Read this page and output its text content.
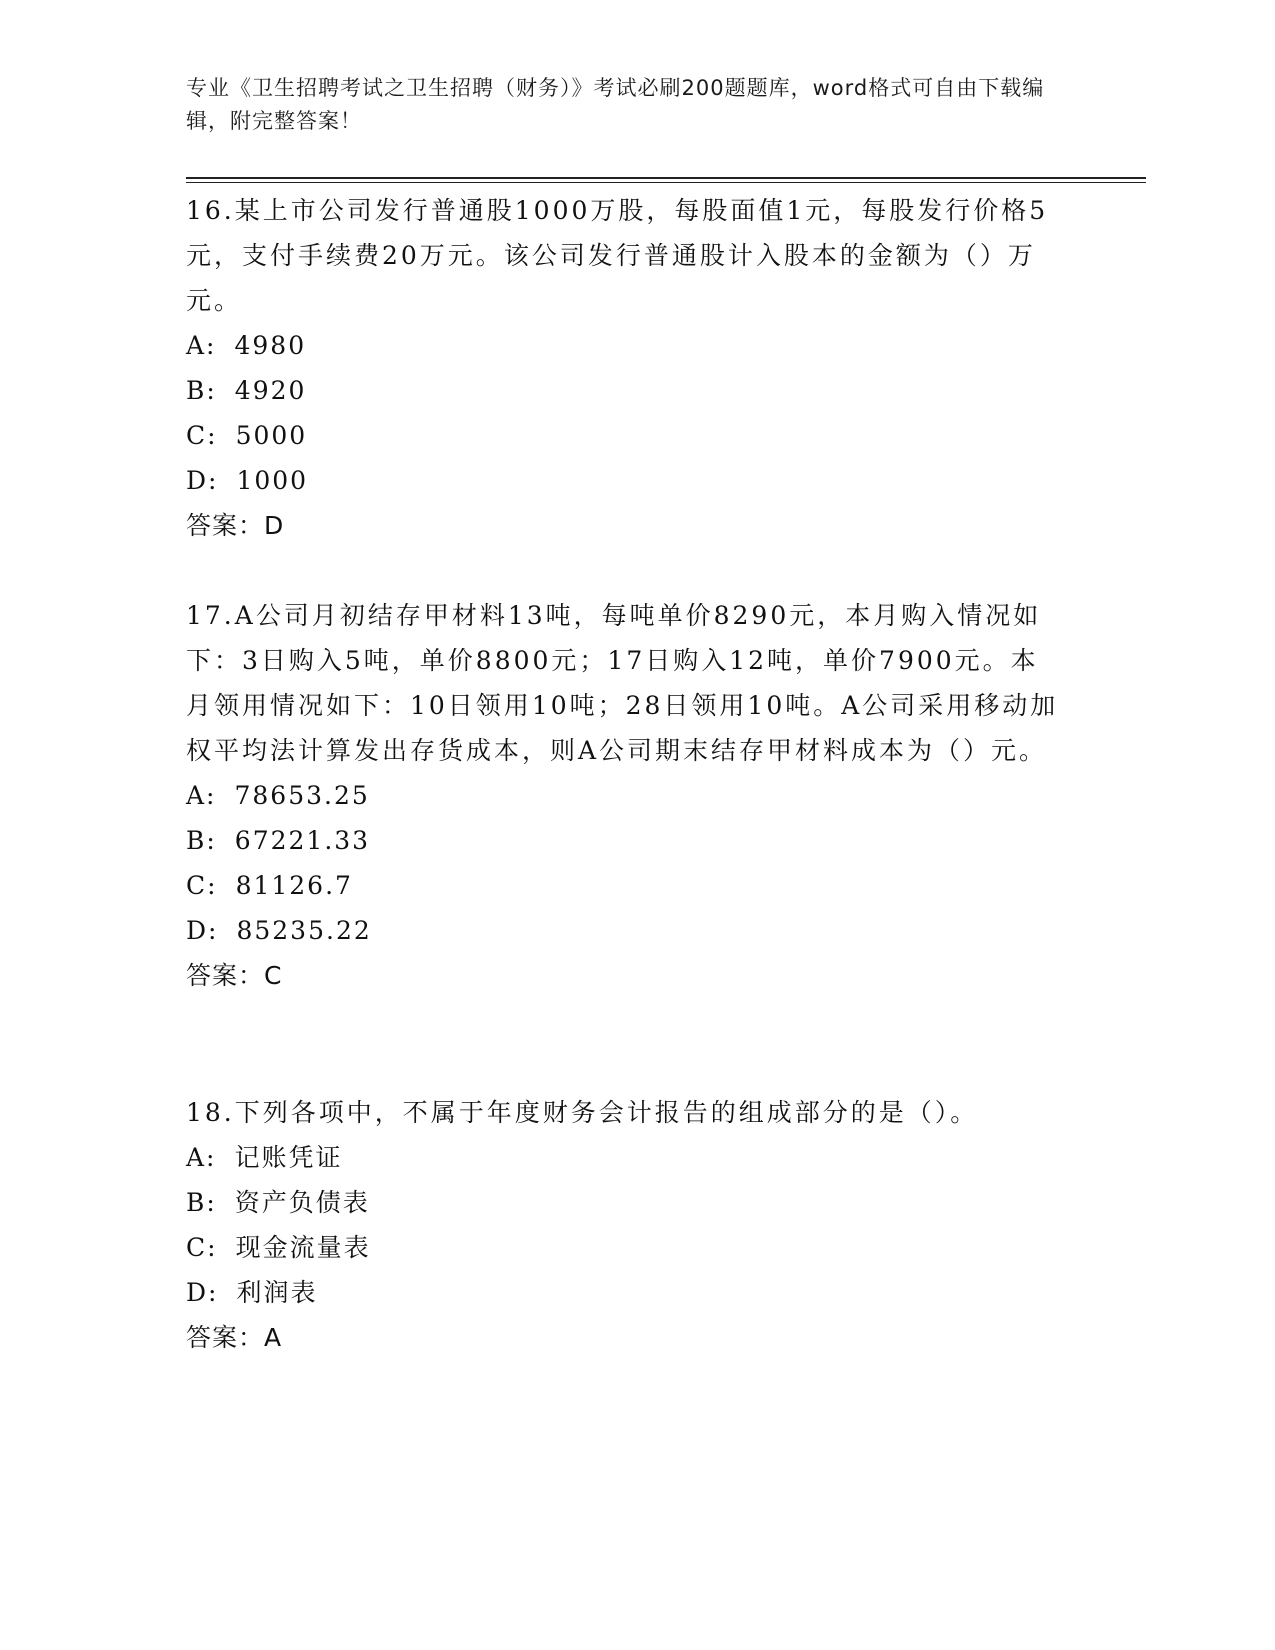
专业《卫生招聘考试之卫生招聘（财务）》考试必刷200题题库，word格式可自由下载编辑，附完整答案！

16.某上市公司发行普通股1000万股，每股面值1元，每股发行价格5元，支付手续费20万元。该公司发行普通股计入股本的金额为（）万元。

A: 4980

B: 4920

C: 5000

D: 1000

答案：D

17.A公司月初结存甲材料13吨，每吨单价8290元，本月购入情况如下：3日购入5吨，单价8800元；17日购入12吨，单价7900元。本月领用情况如下：10日领用10吨；28日领用10吨。A公司采用移动加权平均法计算发出存货成本，则A公司期末结存甲材料成本为（）元。

A: 78653.25

B: 67221.33

C: 81126.7

D: 85235.22

答案：C

18.下列各项中，不属于年度财务会计报告的组成部分的是（）。

A: 记账凭证

B: 资产负债表

C: 现金流量表

D: 利润表

答案：A
